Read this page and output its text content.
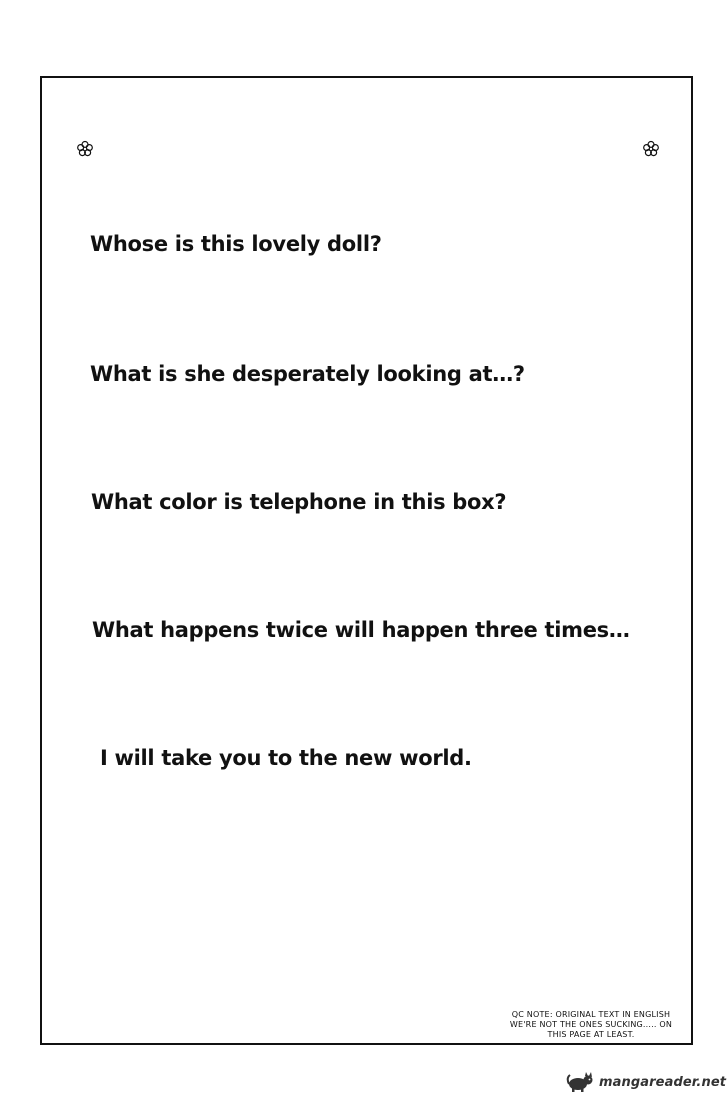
Whose is this lovely doll?
What is she desperately looking at…?
What color is telephone in this box?
What happens twice will happen three times…
I will take you to the new world.
QC NOTE: ORIGINAL TEXT IN ENGLISH
WE'RE NOT THE ONES SUCKING..... ON
THIS PAGE AT LEAST.
mangareader.net
